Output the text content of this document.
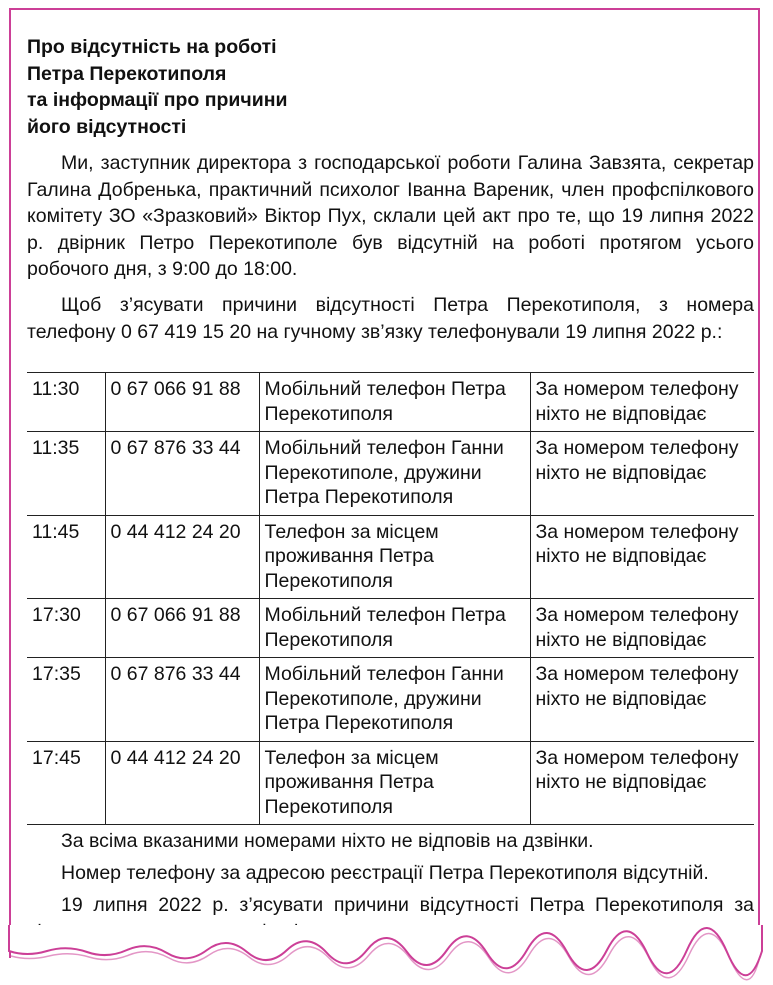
Про відсутність на роботі
Петра Перекотиполя
та інформації про причини
його відсутності

Ми, заступник директора з господарської роботи Галина Завзята, секретар Галина Добренька, практичний психолог Іванна Вареник, член профспілкового комітету ЗО «Зразковий» Віктор Пух, склали цей акт про те, що 19 липня 2022 р. двірник Петро Перекотиполе був відсутній на роботі протягом усього робочого дня, з 9:00 до 18:00.

Щоб з’ясувати причини відсутності Петра Перекотиполя, з номера телефону 0 67 419 15 20 на гучному зв’язку телефонували 19 липня 2022 р.:

11:30	0 67 066 91 88	Мобільний телефон Петра Перекотиполя	За номером телефону ніхто не відповідає
11:35	0 67 876 33 44	Мобільний телефон Ганни Перекотиполе, дружини Петра Перекотиполя	За номером телефону ніхто не відповідає
11:45	0 44 412 24 20	Телефон за місцем проживання Петра Перекотиполя	За номером телефону ніхто не відповідає
17:30	0 67 066 91 88	Мобільний телефон Петра Перекотиполя	За номером телефону ніхто не відповідає
17:35	0 67 876 33 44	Мобільний телефон Ганни Перекотиполе, дружини Петра Перекотиполя	За номером телефону ніхто не відповідає
17:45	0 44 412 24 20	Телефон за місцем проживання Петра Перекотиполя	За номером телефону ніхто не відповідає

За всіма вказаними номерами ніхто не відповів на дзвінки.

Номер телефону за адресою реєстрації Петра Перекотиполя відсутній.

19 липня 2022 р. з’ясувати причини відсутності Петра Перекотиполя за
